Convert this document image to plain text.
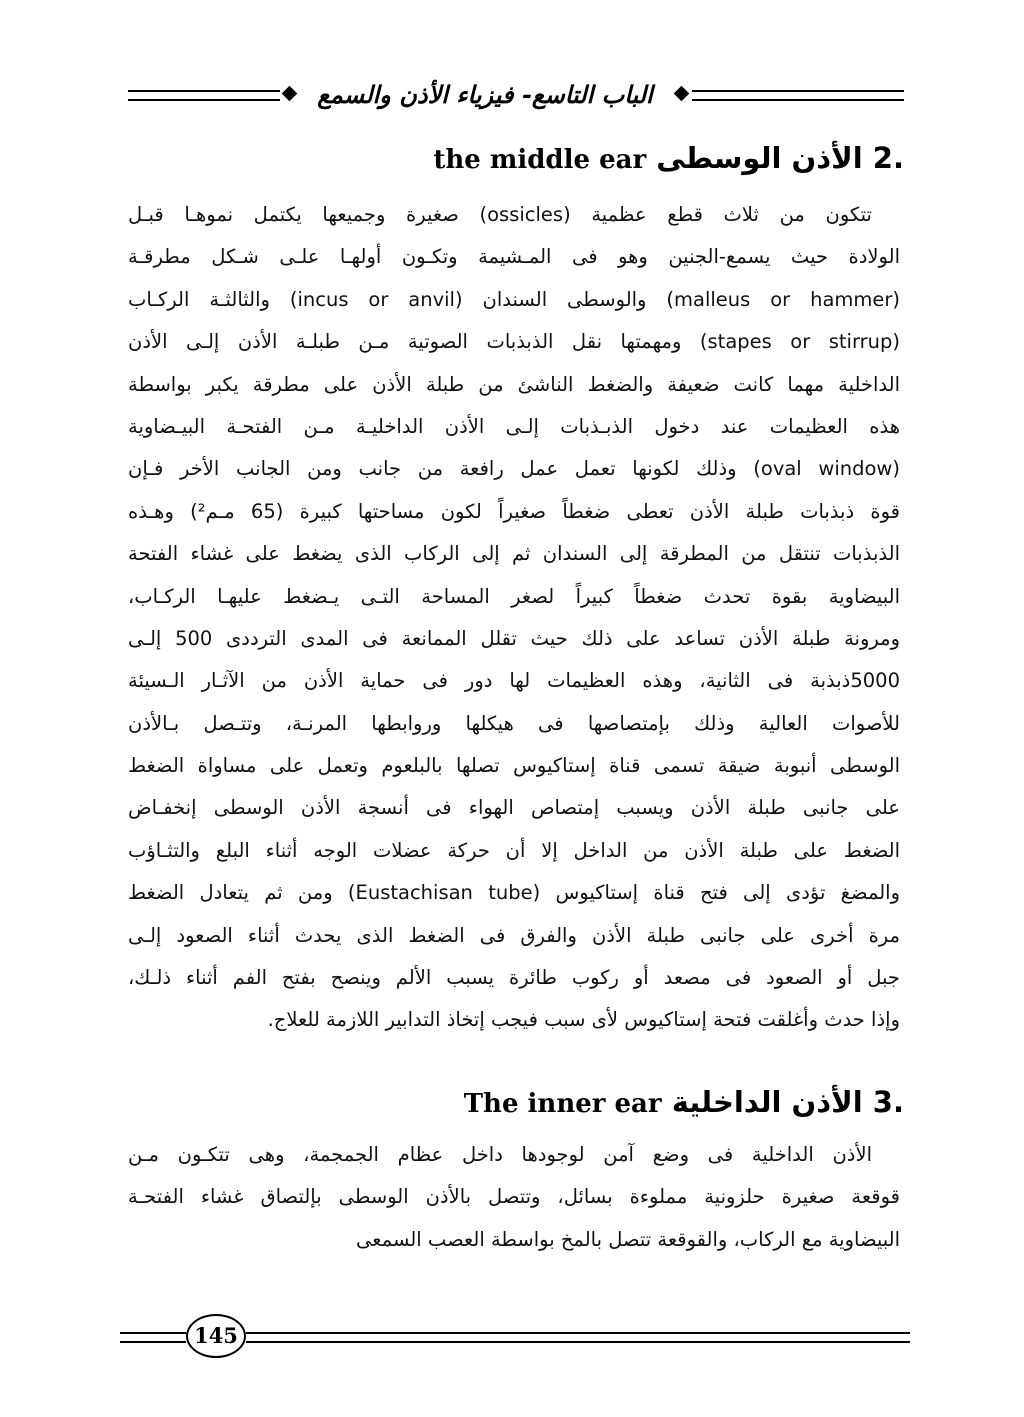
الباب التاسع- فيزياء الأذن والسمع
.2 الأذن الوسطى the middle ear
تتكون من ثلاث قطع عظمية (ossicles) صغيرة وجميعها يكتمل نموهـا قبـل
الولادة حيث يسمع-الجنين وهو فى المـشيمة وتكـون أولهـا علـى شـكل مطرقـة
(malleus or hammer) والوسطى السندان (incus or anvil) والثالثـة الركـاب
(stapes or stirrup) ومهمتها نقل الذبذبات الصوتية مـن طبلـة الأذن إلـى الأذن
الداخلية مهما كانت ضعيفة والضغط الناشئ من طبلة الأذن على مطرقة يكبر بواسطة
هذه العظيمات عند دخول الذبـذبات إلـى الأذن الداخليـة مـن الفتحـة البيـضاوية
(oval window) وذلك لكونها تعمل عمل رافعة من جانب ومن الجانب الأخر فـإن
قوة ذبذبات طبلة الأذن تعطى ضغطاً صغيراً لكون مساحتها كبيرة (65 مـم²) وهـذه
الذبذبات تنتقل من المطرقة إلى السندان ثم إلى الركاب الذى يضغط على غشاء الفتحة
البيضاوية بقوة تحدث ضغطاً كبيراً لصغر المساحة التـى يـضغط عليهـا الركـاب،
ومرونة طبلة الأذن تساعد على ذلك حيث تقلل الممانعة فى المدى الترددى 500 إلـى
5000ذبذبة فى الثانية، وهذه العظيمات لها دور فى حماية الأذن من الآثـار الـسيئة
للأصوات العالية وذلك بإمتصاصها فى هيكلها وروابطها المرنـة، وتتـصل بـالأذن
الوسطى أنبوبة ضيقة تسمى قناة إستاكيوس تصلها بالبلعوم وتعمل على مساواة الضغط
على جانبى طبلة الأذن ويسبب إمتصاص الهواء فى أنسجة الأذن الوسطى إنخفـاض
الضغط على طبلة الأذن من الداخل إلا أن حركة عضلات الوجه أثناء البلع والتثـاؤب
والمضغ تؤدى إلى فتح قناة إستاكيوس (Eustachisan tube) ومن ثم يتعادل الضغط
مرة أخرى على جانبى طبلة الأذن والفرق فى الضغط الذى يحدث أثناء الصعود إلـى
جبل أو الصعود فى مصعد أو ركوب طائرة يسبب الألم وينصح بفتح الفم أثناء ذلـك،
وإذا حدث وأغلقت فتحة إستاكيوس لأى سبب فيجب إتخاذ التدابير اللازمة للعلاج.
.3 الأذن الداخلية The inner ear
الأذن الداخلية فى وضع آمن لوجودها داخل عظام الجمجمة، وهى تتكـون مـن
قوقعة صغيرة حلزونية مملوءة بسائل، وتتصل بالأذن الوسطى بإلتصاق غشاء الفتحـة
البيضاوية مع الركاب، والقوقعة تتصل بالمخ بواسطة العصب السمعى
145
